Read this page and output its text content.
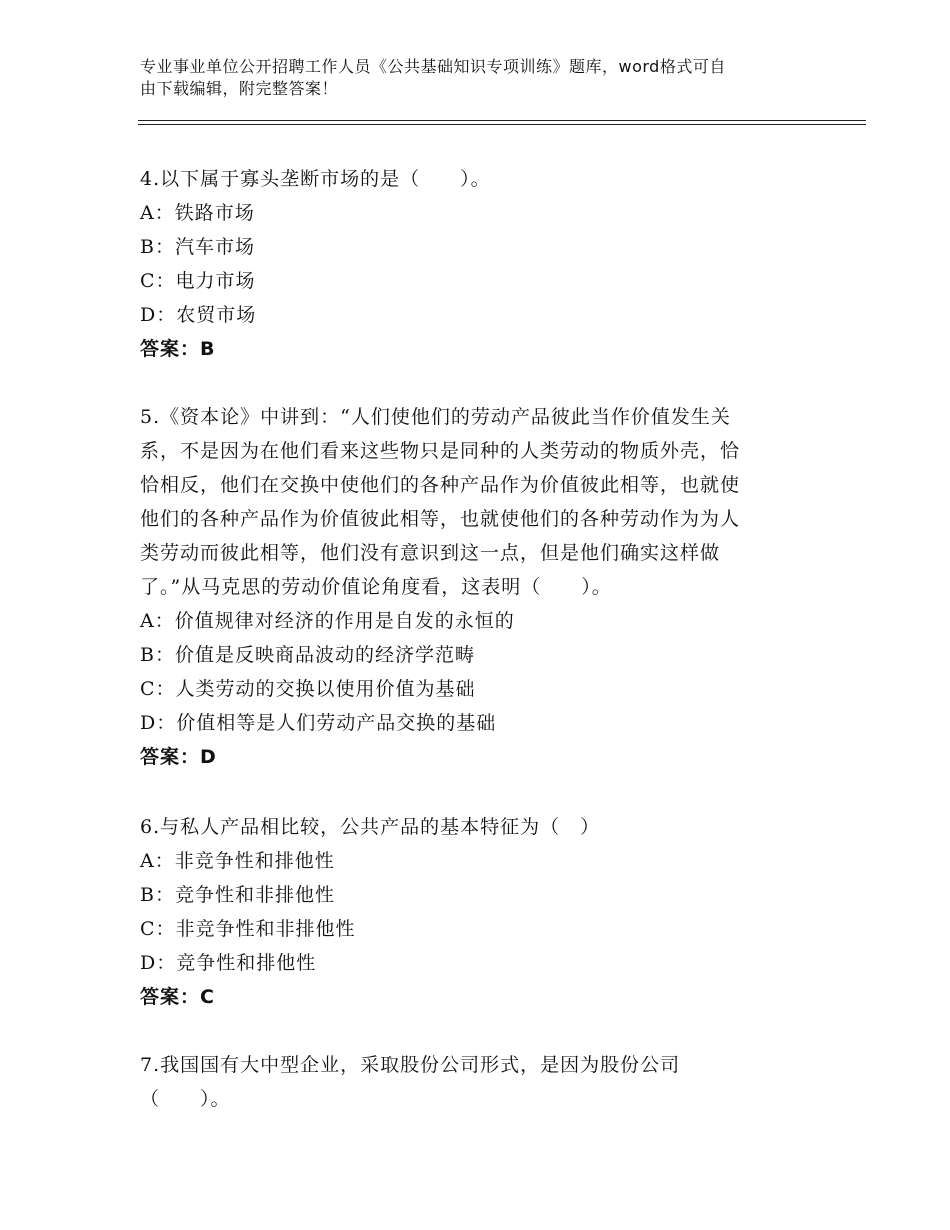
专业事业单位公开招聘工作人员《公共基础知识专项训练》题库，word格式可自
由下载编辑，附完整答案！

4.以下属于寡头垄断市场的是（　　）。

A：铁路市场

B：汽车市场

C：电力市场

D：农贸市场

答案：B

5.《资本论》中讲到：“人们使他们的劳动产品彼此当作价值发生关

系，不是因为在他们看来这些物只是同种的人类劳动的物质外壳，恰

恰相反，他们在交换中使他们的各种产品作为价值彼此相等，也就使

他们的各种产品作为价值彼此相等，也就使他们的各种劳动作为为人

类劳动而彼此相等，他们没有意识到这一点，但是他们确实这样做

了。”从马克思的劳动价值论角度看，这表明（　　）。

A：价值规律对经济的作用是自发的永恒的

B：价值是反映商品波动的经济学范畴

C：人类劳动的交换以使用价值为基础

D：价值相等是人们劳动产品交换的基础

答案：D

6.与私人产品相比较，公共产品的基本特征为（　）

A：非竞争性和排他性

B：竞争性和非排他性

C：非竞争性和非排他性

D：竞争性和排他性

答案：C

7.我国国有大中型企业，采取股份公司形式，是因为股份公司

（　　）。
